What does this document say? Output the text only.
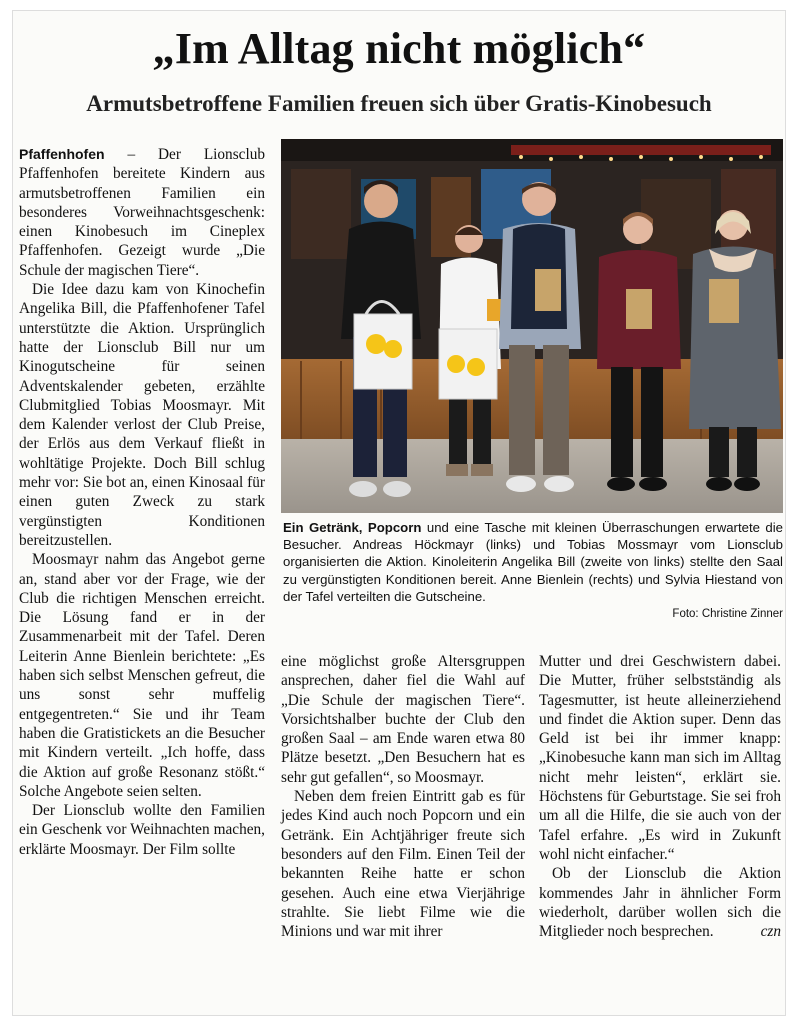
„Im Alltag nicht möglich“
Armutsbetroffene Familien freuen sich über Gratis-Kinobesuch

Pfaffenhofen – Der Lionsclub Pfaffenhofen bereitete Kindern aus armutsbetroffenen Familien ein besonderes Vorweihnachtsgeschenk: einen Kinobesuch im Cineplex Pfaffenhofen. Gezeigt wurde „Die Schule der magischen Tiere“.

Die Idee dazu kam von Kinochefin Angelika Bill, die Pfaffenhofener Tafel unterstützte die Aktion. Ursprünglich hatte der Lionsclub Bill nur um Kinogutscheine für seinen Adventskalender gebeten, erzählte Clubmitglied Tobias Moosmayr. Mit dem Kalender verlost der Club Preise, der Erlös aus dem Verkauf fließt in wohltätige Projekte. Doch Bill schlug mehr vor: Sie bot an, einen Kinosaal für einen guten Zweck zu stark vergünstigten Konditionen bereitzustellen.

Moosmayr nahm das Angebot gerne an, stand aber vor der Frage, wie der Club die richtigen Menschen erreicht. Die Lösung fand er in der Zusammenarbeit mit der Tafel. Deren Leiterin Anne Bienlein berichtete: „Es haben sich selbst Menschen gefreut, die uns sonst sehr muffelig entgegentreten.“ Sie und ihr Team haben die Gratistickets an die Besucher mit Kindern verteilt. „Ich hoffe, dass die Aktion auf große Resonanz stößt.“ Solche Angebote seien selten.

Der Lionsclub wollte den Familien ein Geschenk vor Weihnachten machen, erklärte Moosmayr. Der Film sollte

Ein Getränk, Popcorn und eine Tasche mit kleinen Überraschungen erwartete die Besucher. Andreas Höckmayr (links) und Tobias Mossmayr vom Lionsclub organisierten die Aktion. Kinoleiterin Angelika Bill (zweite von links) stellte den Saal zu vergünstigten Konditionen bereit. Anne Bienlein (rechts) und Sylvia Hiestand von der Tafel verteilten die Gutscheine.
Foto: Christine Zinner

eine möglichst große Altersgruppen ansprechen, daher fiel die Wahl auf „Die Schule der magischen Tiere“. Vorsichtshalber buchte der Club den großen Saal – am Ende waren etwa 80 Plätze besetzt. „Den Besuchern hat es sehr gut gefallen“, so Moosmayr.

Neben dem freien Eintritt gab es für jedes Kind auch noch Popcorn und ein Getränk. Ein Achtjähriger freute sich besonders auf den Film. Einen Teil der bekannten Reihe hatte er schon gesehen. Auch eine etwa Vierjährige strahlte. Sie liebt Filme wie die Minions und war mit ihrer

Mutter und drei Geschwistern dabei. Die Mutter, früher selbstständig als Tagesmutter, ist heute alleinerziehend und findet die Aktion super. Denn das Geld ist bei ihr immer knapp: „Kinobesuche kann man sich im Alltag nicht mehr leisten“, erklärt sie. Höchstens für Geburtstage. Sie sei froh um all die Hilfe, die sie auch von der Tafel erfahre. „Es wird in Zukunft wohl nicht einfacher.“

Ob der Lionsclub die Aktion kommendes Jahr in ähnlicher Form wiederholt, darüber wollen sich die Mitglieder noch besprechen.	czn
